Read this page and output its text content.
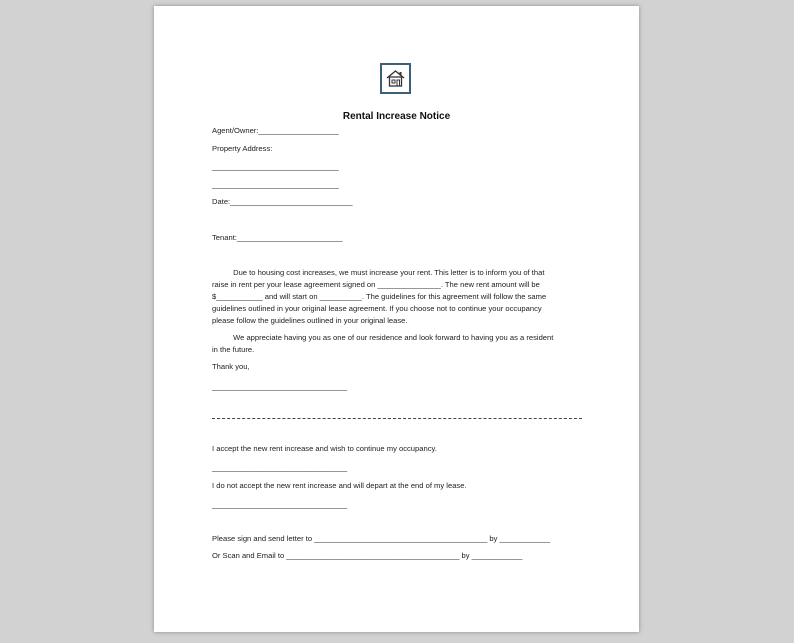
Rental Increase Notice
Agent/Owner:___________________
Property Address:
______________________________
______________________________
Date:_____________________________
Tenant:_________________________
Due to housing cost increases, we must increase your rent. This letter is to inform you of that
raise in rent per your lease agreement signed on _______________. The new rent amount will be
$___________ and will start on __________. The guidelines for this agreement will follow the same
guidelines outlined in your original lease agreement. If you choose not to continue your occupancy
please follow the guidelines outlined in your original lease.
We appreciate having you as one of our residence and look forward to having you as a resident
in the future.
Thank you,
________________________________
I accept the new rent increase and wish to continue my occupancy.
________________________________
I do not accept the new rent increase and will depart at the end of my lease.
________________________________
Please sign and send letter to _________________________________________ by ____________
Or Scan and Email to _________________________________________ by ____________
